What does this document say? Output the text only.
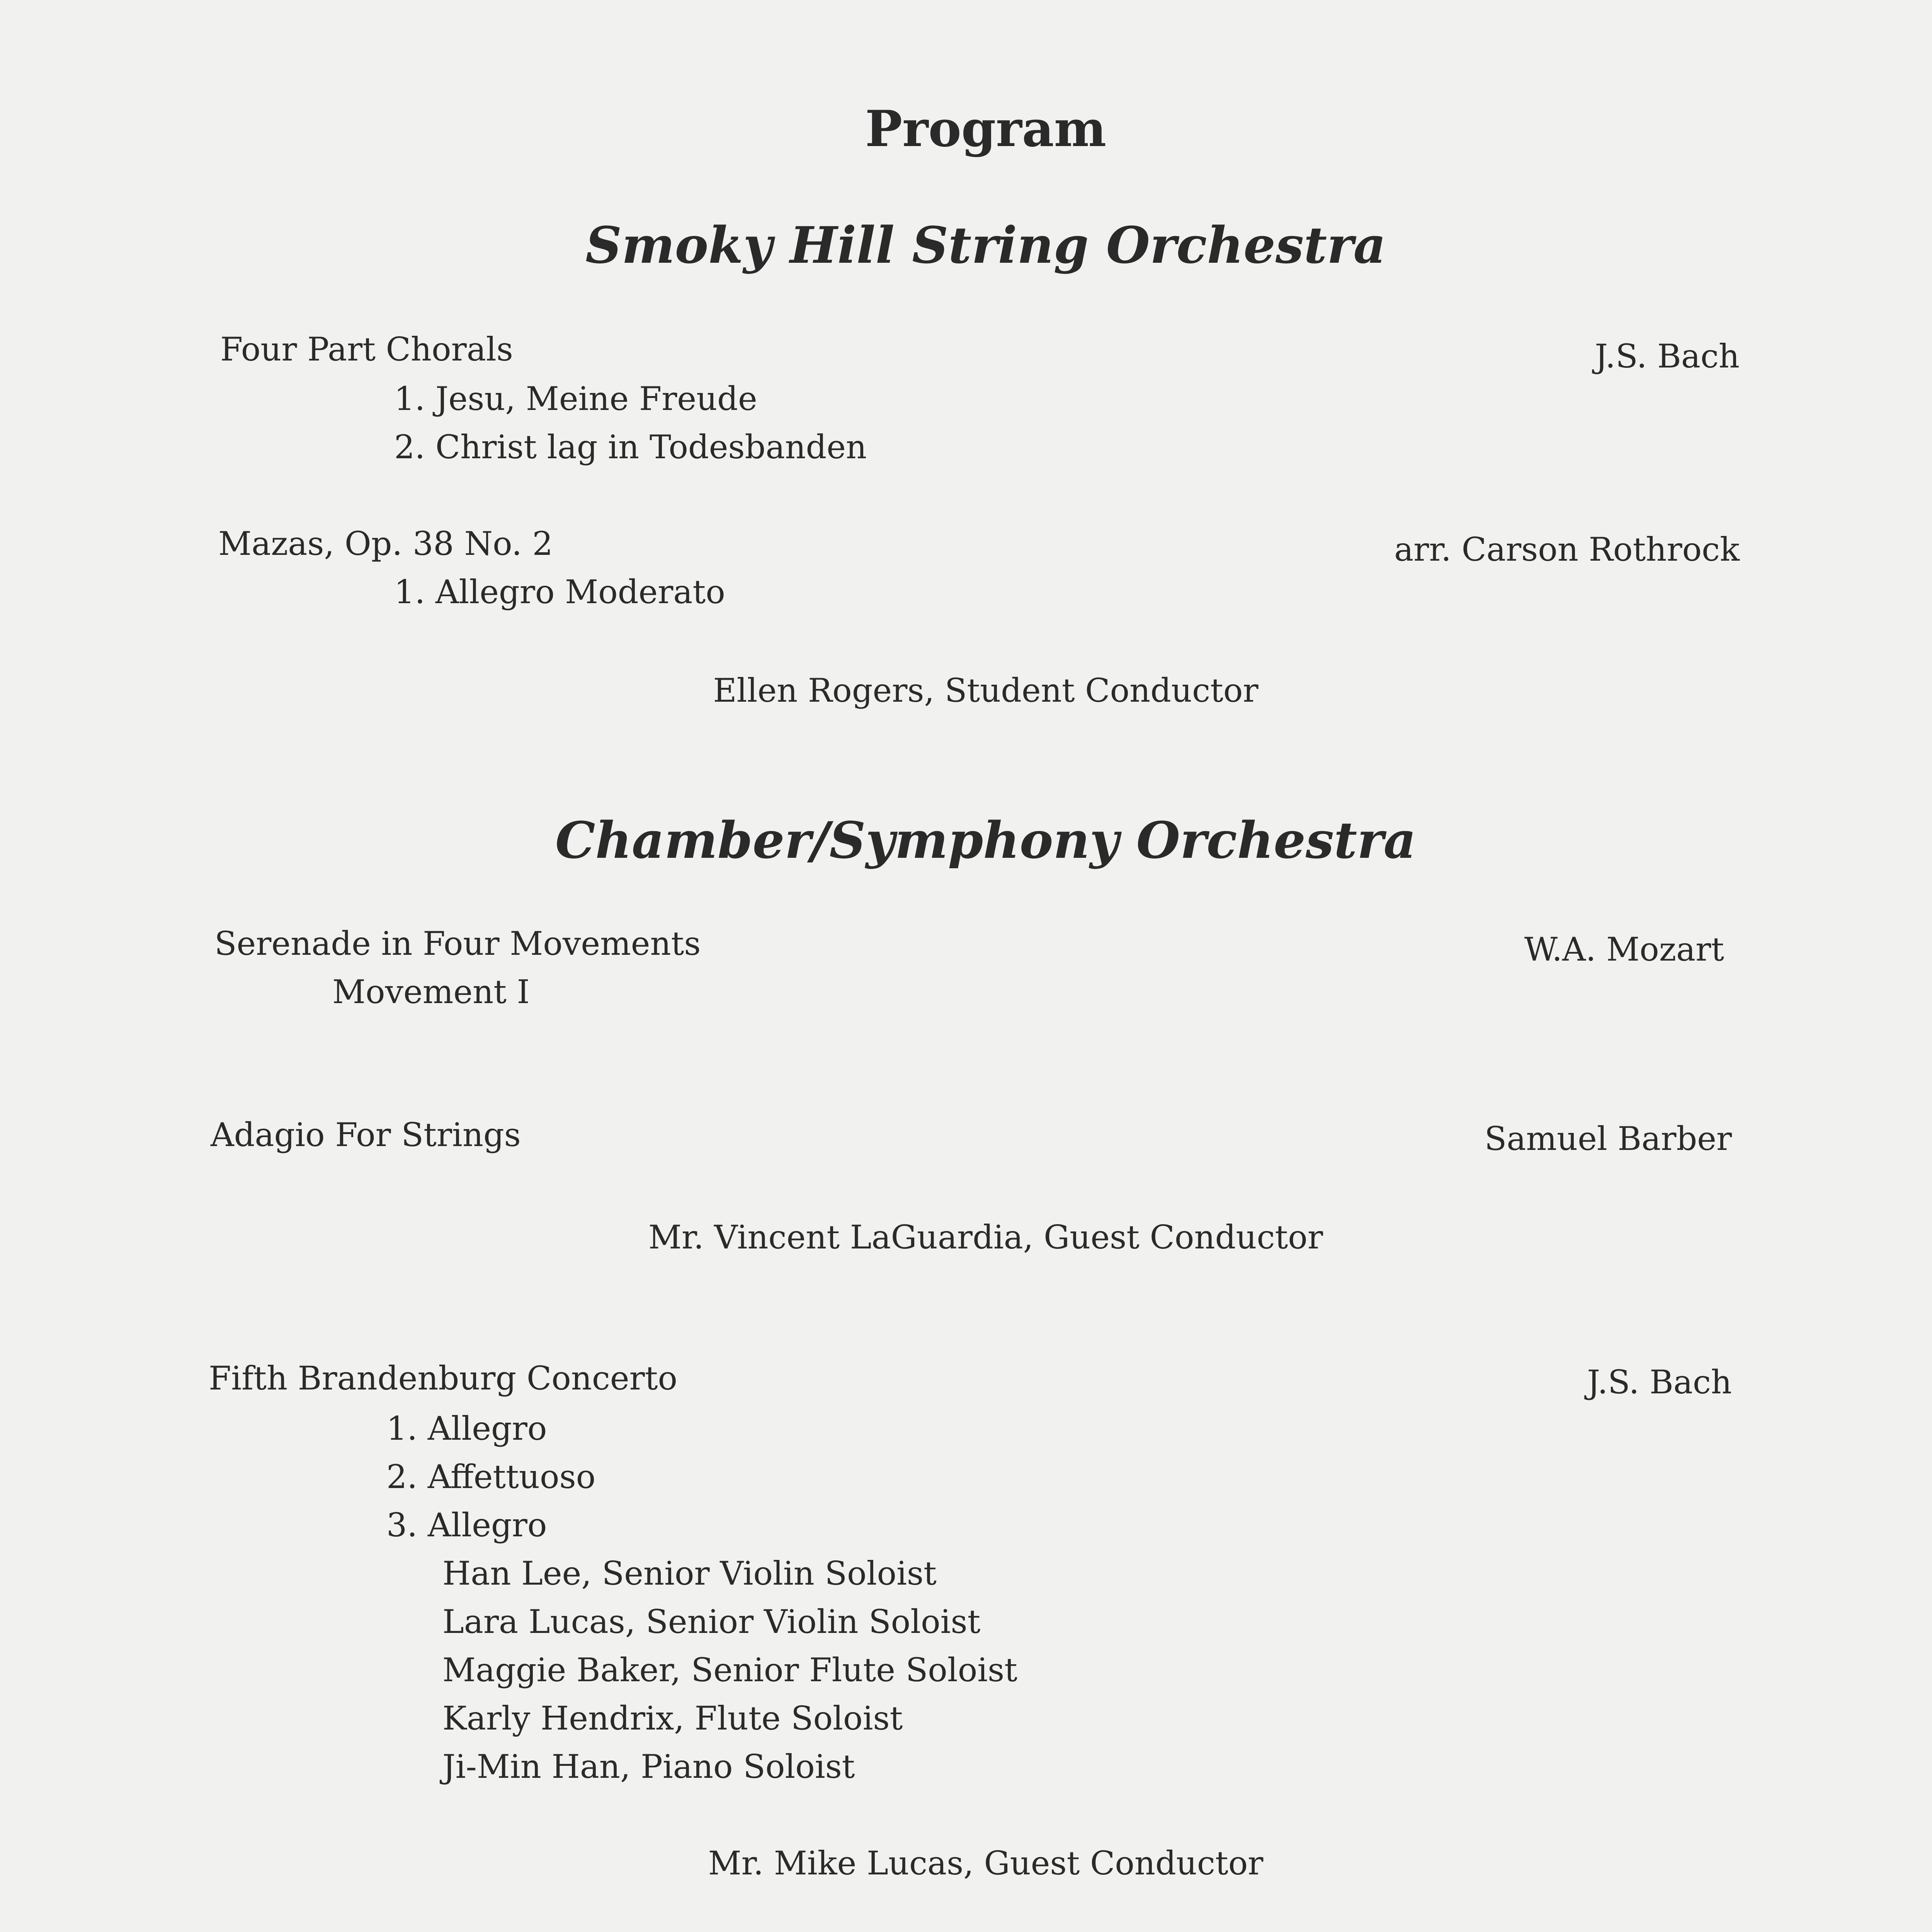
Program
Smoky Hill String Orchestra
Four Part Chorals	J.S. Bach
1. Jesu, Meine Freude
2. Christ lag in Todesbanden
Mazas, Op. 38 No. 2	arr. Carson Rothrock
1. Allegro Moderato
Ellen Rogers, Student Conductor
Chamber/Symphony Orchestra
Serenade in Four Movements	W.A. Mozart
Movement I
Adagio For Strings	Samuel Barber
Mr. Vincent LaGuardia, Guest Conductor
Fifth Brandenburg Concerto	J.S. Bach
1. Allegro
2. Affettuoso
3. Allegro
Han Lee, Senior Violin Soloist
Lara Lucas, Senior Violin Soloist
Maggie Baker, Senior Flute Soloist
Karly Hendrix, Flute Soloist
Ji-Min Han, Piano Soloist
Mr. Mike Lucas, Guest Conductor
